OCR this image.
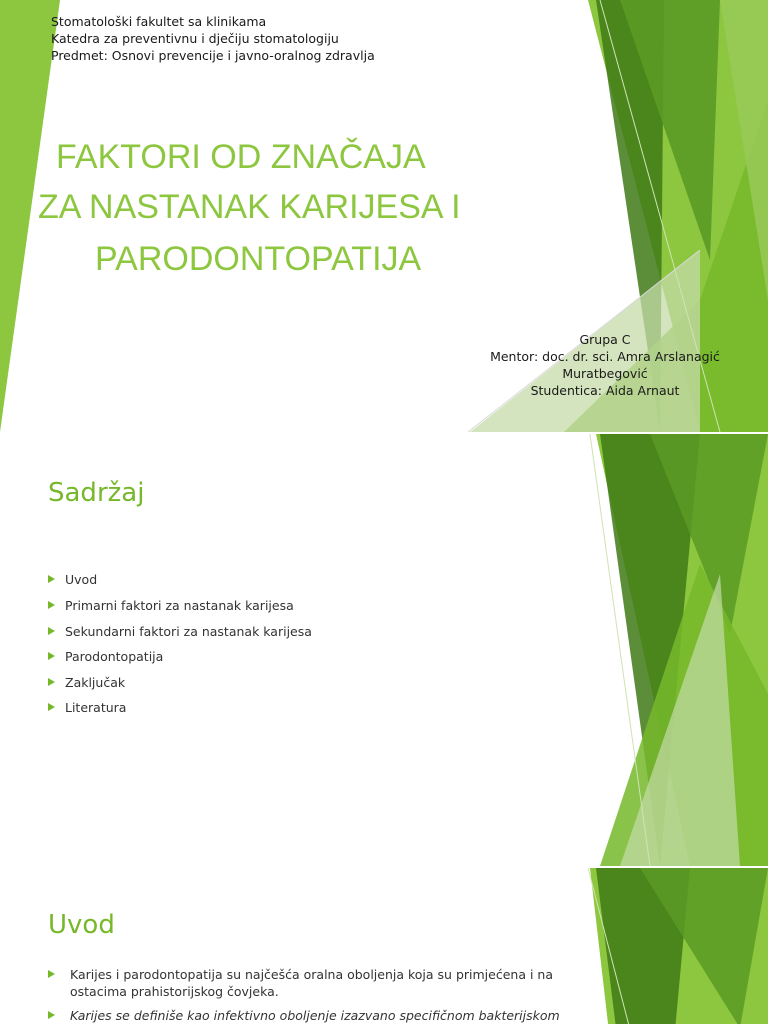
Stomatološki fakultet sa klinikama
Katedra za preventivnu i dječiju stomatologiju
Predmet: Osnovi prevencije i javno-oralnog zdravlja
FAKTORI OD ZNAČAJA
ZA NASTANAK KARIJESA I
PARODONTOPATIJA
Grupa C
Mentor: doc. dr. sci. Amra Arslanagić
Muratbegović
Studentica: Aida Arnaut
Sadržaj
Uvod
Primarni faktori za nastanak karijesa
Sekundarni faktori za nastanak karijesa
Parodontopatija
Zaključak
Literatura
Uvod
Karijes i parodontopatija su najčešća oralna oboljenja koja su primjećena i na
ostacima prahistorijskog čovjeka.
Karijes se definiše kao infektivno oboljenje izazvano specifičnom bakterijskom
